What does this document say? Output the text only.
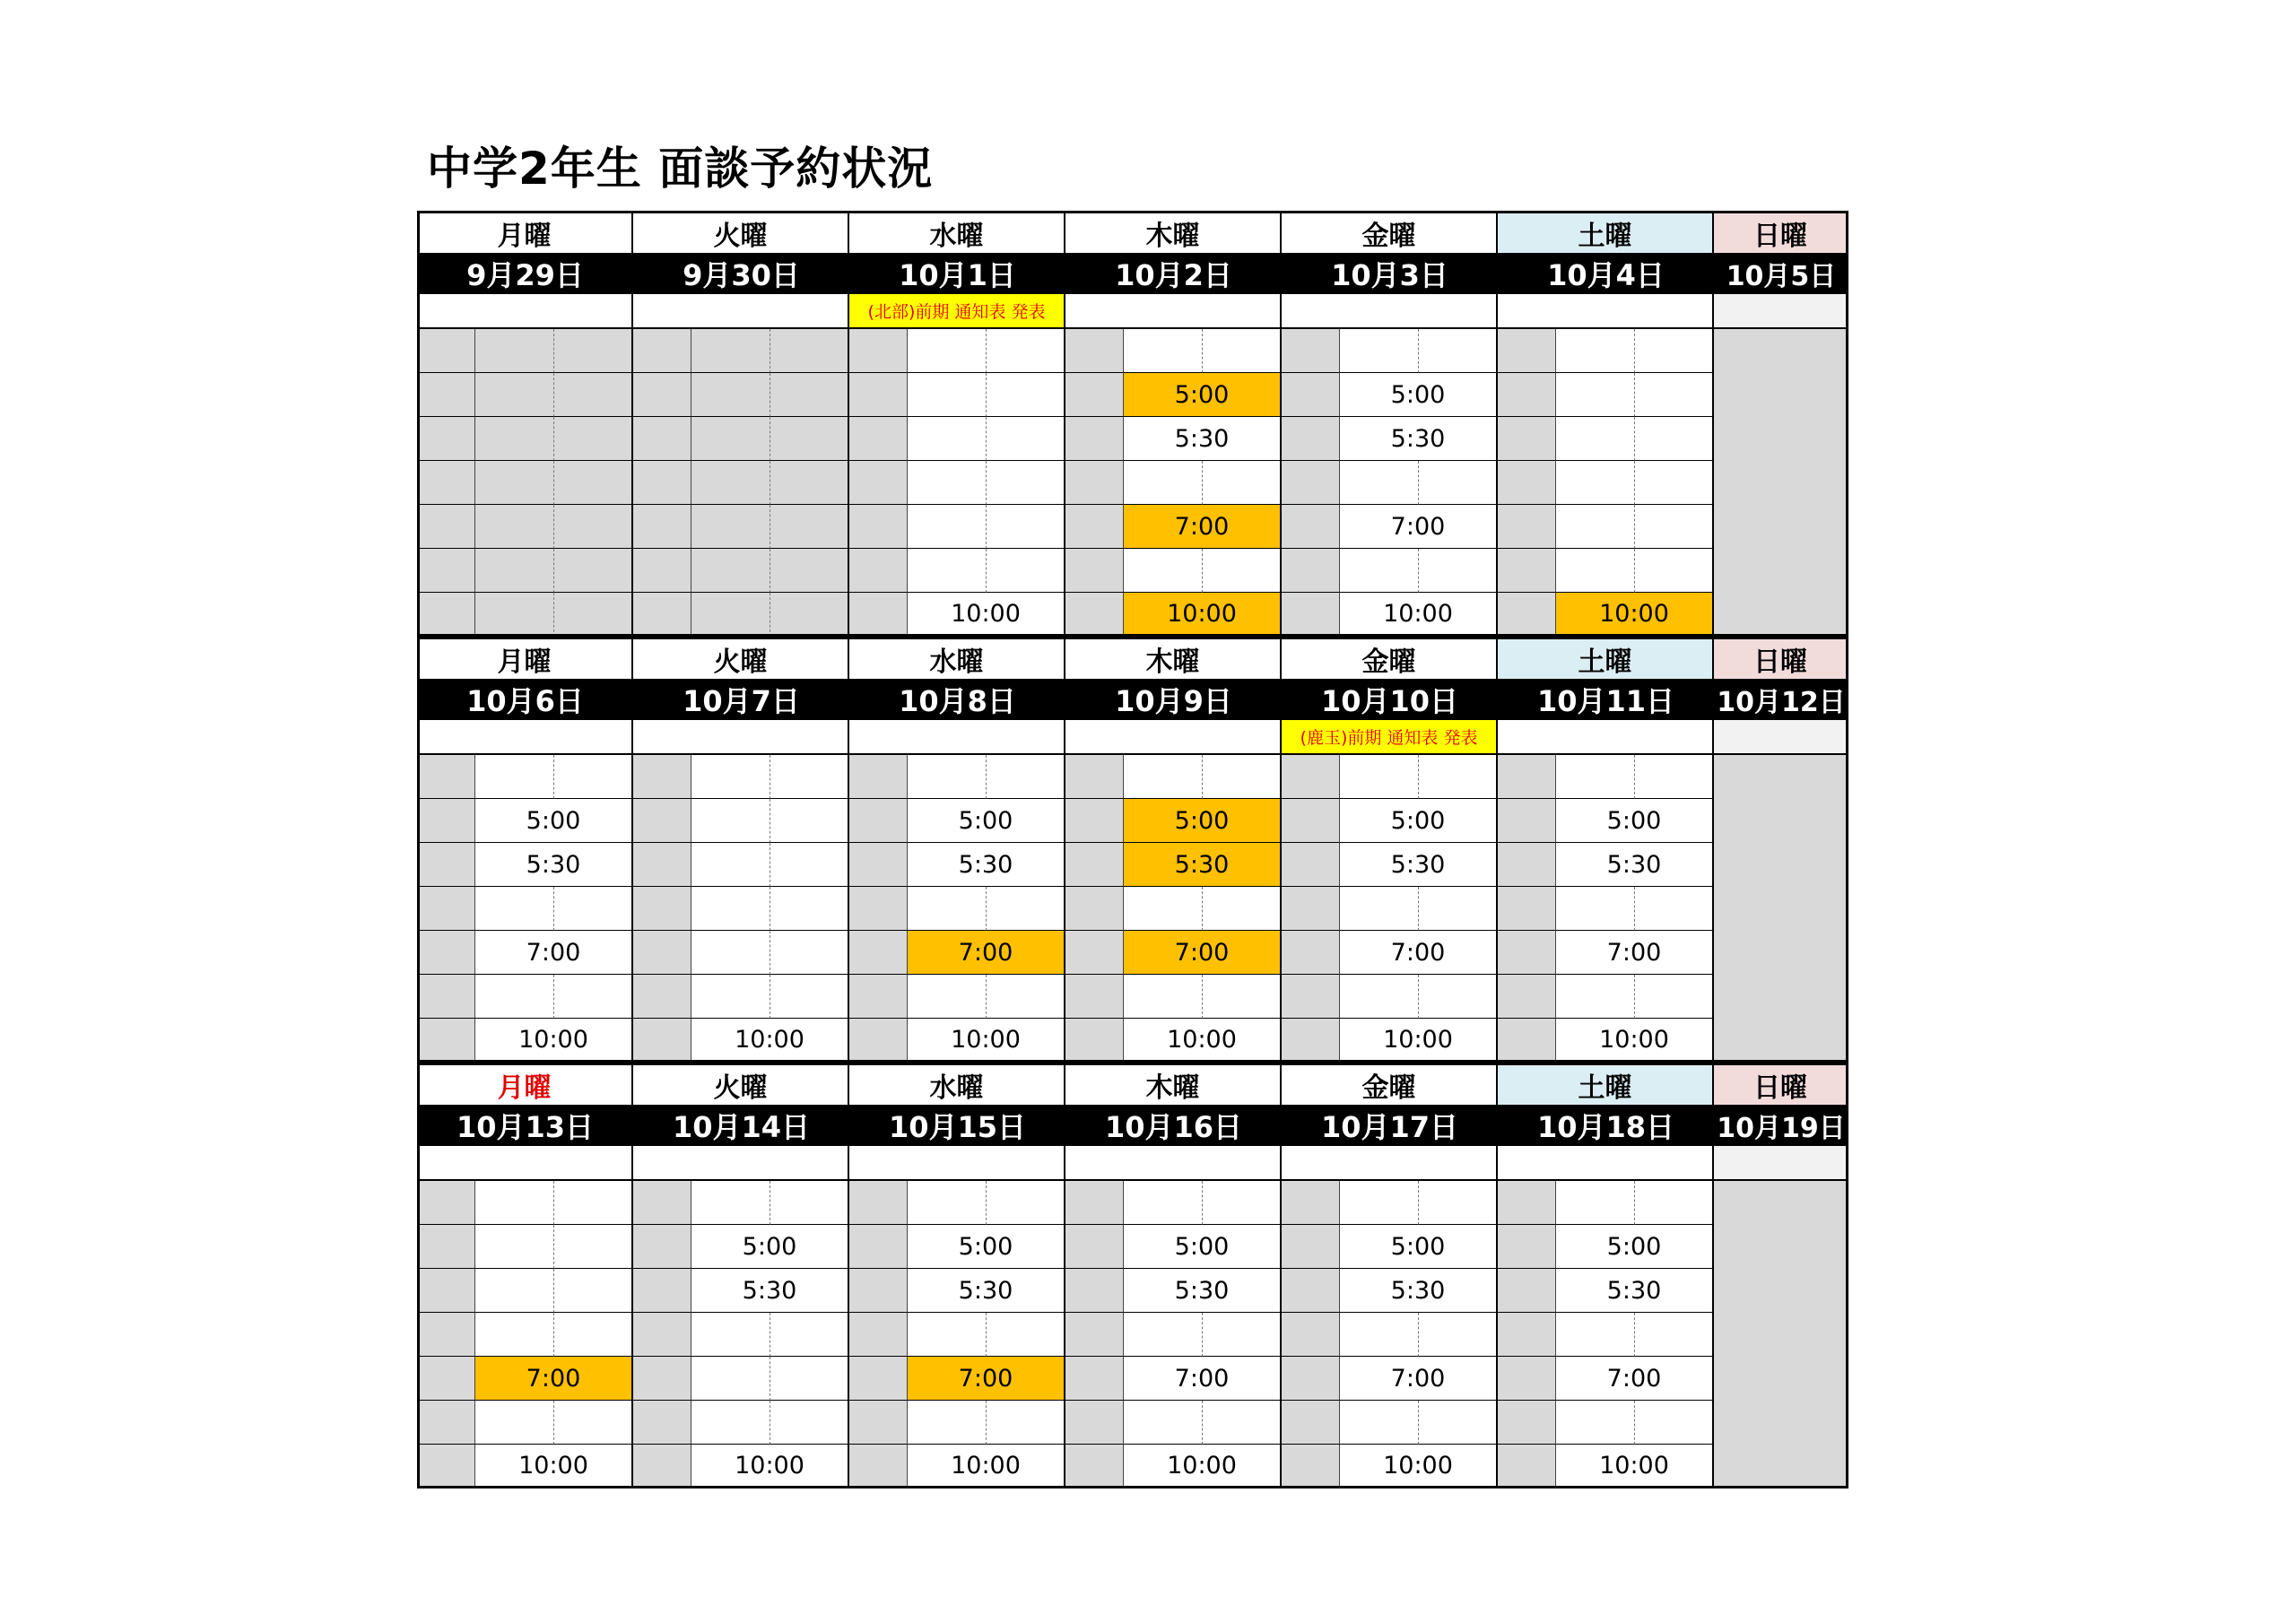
中学2年生 面談予約状況
月曜
9月29日
火曜
9月30日
水曜
10月1日
(北部)前期 通知表 発表
10:00
木曜
10月2日
5:00
5:30
7:00
10:00
金曜
10月3日
5:00
5:30
7:00
10:00
土曜
10月4日
10:00
日曜
10月5日
月曜
10月6日
5:00
5:30
7:00
10:00
火曜
10月7日
10:00
水曜
10月8日
5:00
5:30
7:00
10:00
木曜
10月9日
5:00
5:30
7:00
10:00
金曜
10月10日
(鹿玉)前期 通知表 発表
5:00
5:30
7:00
10:00
土曜
10月11日
5:00
5:30
7:00
10:00
日曜
10月12日
月曜
10月13日
7:00
10:00
火曜
10月14日
5:00
5:30
10:00
水曜
10月15日
5:00
5:30
7:00
10:00
木曜
10月16日
5:00
5:30
7:00
10:00
金曜
10月17日
5:00
5:30
7:00
10:00
土曜
10月18日
5:00
5:30
7:00
10:00
日曜
10月19日
